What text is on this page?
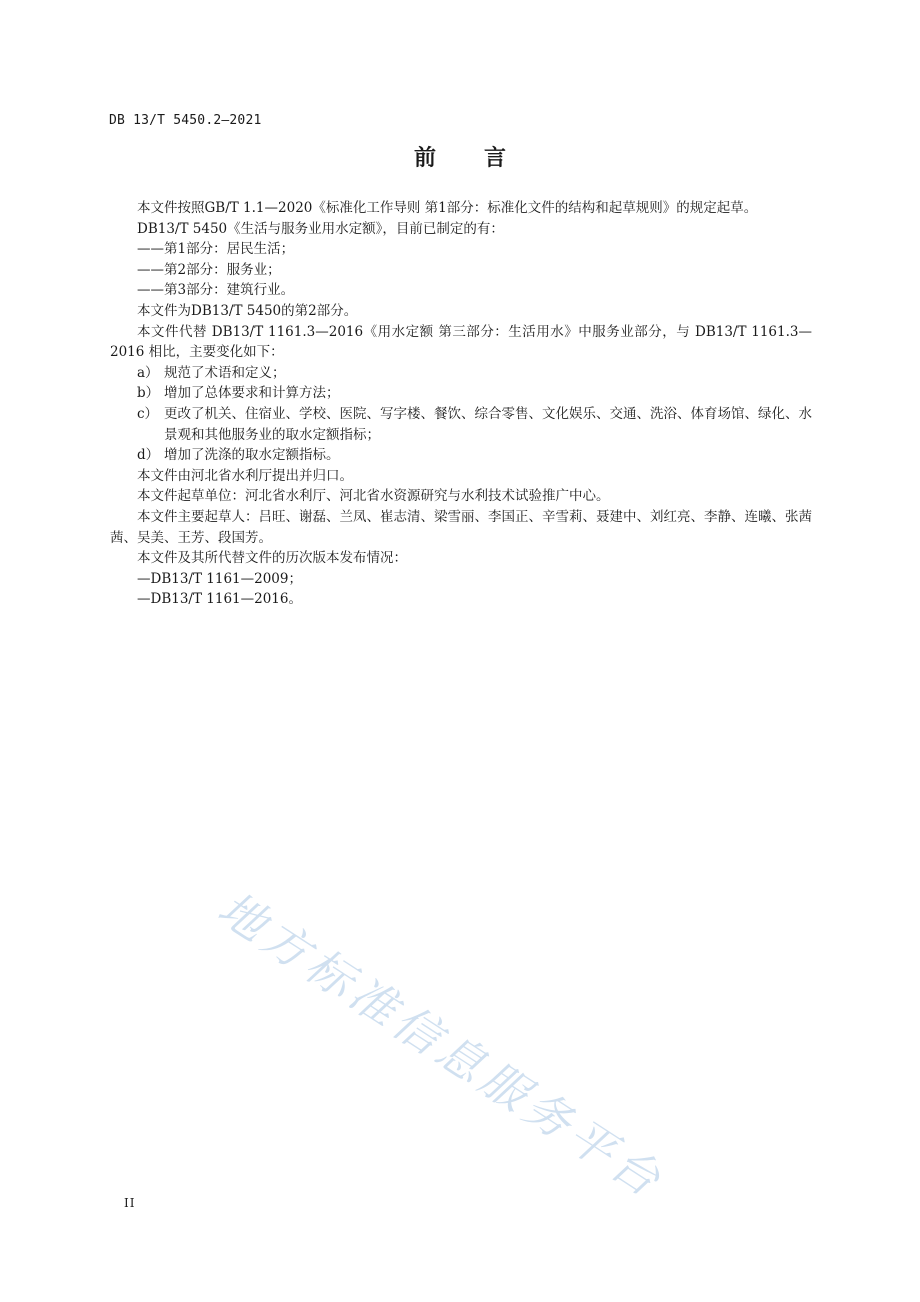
DB 13/T 5450.2—2021
前言

本文件按照GB/T 1.1—2020《标准化工作导则 第1部分：标准化文件的结构和起草规则》的规定起草。

DB13/T 5450《生活与服务业用水定额》，目前已制定的有：

——第1部分：居民生活；

——第2部分：服务业；

——第3部分：建筑行业。

本文件为DB13/T 5450的第2部分。

本文件代替 DB13/T 1161.3—2016《用水定额 第三部分：生活用水》中服务业部分，与 DB13/T 1161.3—2016 相比，主要变化如下：

a） 规范了术语和定义；
b） 增加了总体要求和计算方法；
c） 更改了机关、住宿业、学校、医院、写字楼、餐饮、综合零售、文化娱乐、交通、洗浴、体育场馆、绿化、水景观和其他服务业的取水定额指标；
d） 增加了洗涤的取水定额指标。

本文件由河北省水利厅提出并归口。

本文件起草单位：河北省水利厅、河北省水资源研究与水利技术试验推广中心。

本文件主要起草人：吕旺、谢磊、兰凤、崔志清、梁雪丽、李国正、辛雪莉、聂建中、刘红亮、李静、连曦、张茜茜、吴美、王芳、段国芳。

本文件及其所代替文件的历次版本发布情况：

—DB13/T 1161—2009；

—DB13/T 1161—2016。

地方标准信息服务平台
II
